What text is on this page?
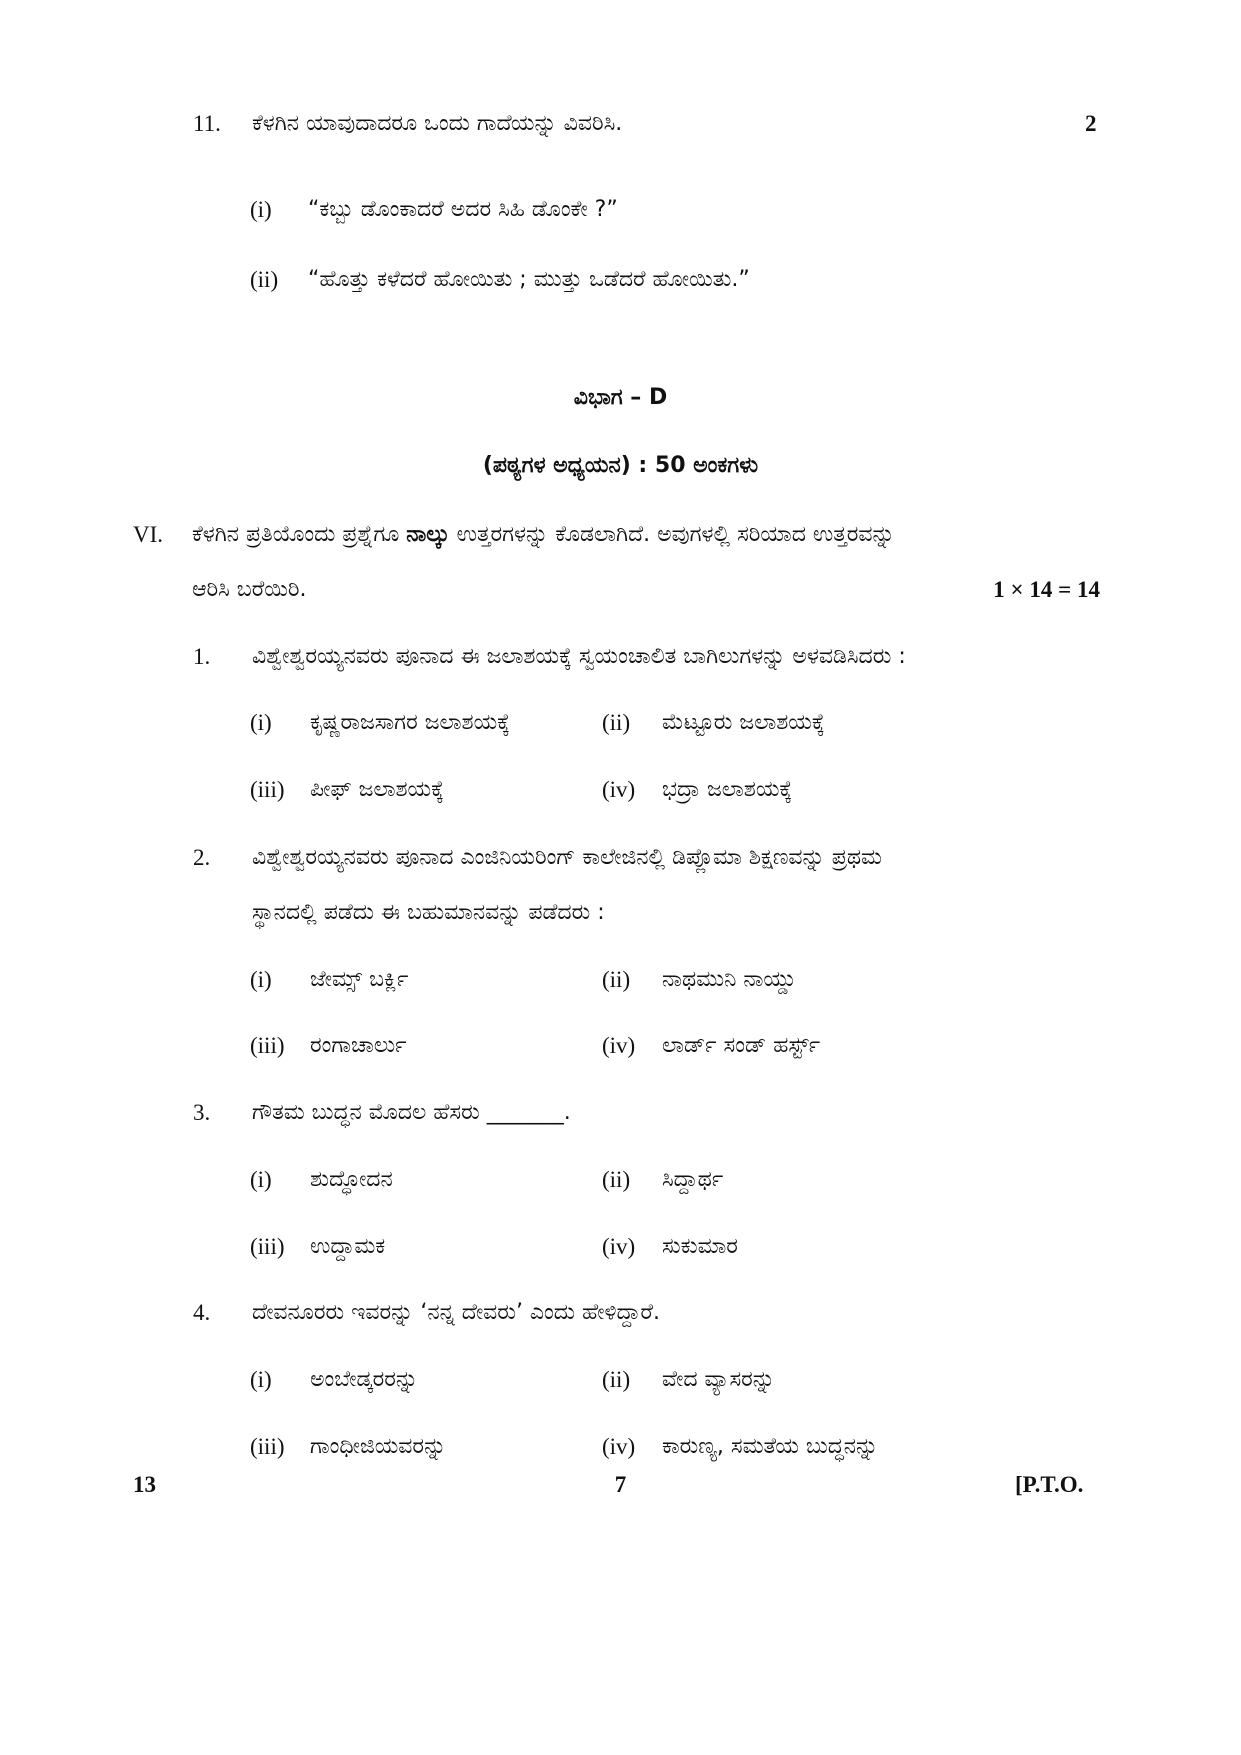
11. ಕೆಳಗಿನ ಯಾವುದಾದರೂ ಒಂದು ಗಾದೆಯನ್ನು ವಿವರಿಸಿ.	2
(i) “ಕಬ್ಬು ಡೊಂಕಾದರೆ ಅದರ ಸಿಹಿ ಡೊಂಕೇ ?”
(ii) “ಹೊತ್ತು ಕಳೆದರೆ ಹೋಯಿತು ; ಮುತ್ತು ಒಡೆದರೆ ಹೋಯಿತು.”
ವಿಭಾಗ – D
(ಪಠ್ಯಗಳ ಅಧ್ಯಯನ) : 50 ಅಂಕಗಳು
VI. ಕೆಳಗಿನ ಪ್ರತಿಯೊಂದು ಪ್ರಶ್ನೆಗೂ ನಾಲ್ಕು ಉತ್ತರಗಳನ್ನು ಕೊಡಲಾಗಿದೆ. ಅವುಗಳಲ್ಲಿ ಸರಿಯಾದ ಉತ್ತರವನ್ನು
ಆರಿಸಿ ಬರೆಯಿರಿ.	1 × 14 = 14
1. ವಿಶ್ವೇಶ್ವರಯ್ಯನವರು ಪೂನಾದ ಈ ಜಲಾಶಯಕ್ಕೆ ಸ್ವಯಂಚಾಲಿತ ಬಾಗಿಲುಗಳನ್ನು ಅಳವಡಿಸಿದರು :
(i) ಕೃಷ್ಣರಾಜಸಾಗರ ಜಲಾಶಯಕ್ಕೆ	(ii) ಮೆಟ್ಟೂರು ಜಲಾಶಯಕ್ಕೆ
(iii) ಪೀಫ್ ಜಲಾಶಯಕ್ಕೆ	(iv) ಭದ್ರಾ ಜಲಾಶಯಕ್ಕೆ
2. ವಿಶ್ವೇಶ್ವರಯ್ಯನವರು ಪೂನಾದ ಎಂಜಿನಿಯರಿಂಗ್ ಕಾಲೇಜಿನಲ್ಲಿ ಡಿಪ್ಲೊಮಾ ಶಿಕ್ಷಣವನ್ನು ಪ್ರಥಮ
ಸ್ಥಾನದಲ್ಲಿ ಪಡೆದು ಈ ಬಹುಮಾನವನ್ನು ಪಡೆದರು :
(i) ಜೇಮ್ಸ್ ಬರ್ಕ್ಲಿ	(ii) ನಾಥಮುನಿ ನಾಯ್ಡು
(iii) ರಂಗಾಚಾರ್ಲು	(iv) ಲಾರ್ಡ್ ಸಂಡ್ ಹರ್ಸ್ಟ್
3. ಗೌತಮ ಬುದ್ಧನ ಮೊದಲ ಹೆಸರು _______.
(i) ಶುದ್ಧೋದನ	(ii) ಸಿದ್ದಾರ್ಥ
(iii) ಉದ್ದಾಮಕ	(iv) ಸುಕುಮಾರ
4. ದೇವನೂರರು ಇವರನ್ನು ‘ನನ್ನ ದೇವರು’ ಎಂದು ಹೇಳಿದ್ದಾರೆ.
(i) ಅಂಬೇಡ್ಕರರನ್ನು	(ii) ವೇದ ವ್ಯಾಸರನ್ನು
(iii) ಗಾಂಧೀಜಿಯವರನ್ನು	(iv) ಕಾರುಣ್ಯ, ಸಮತೆಯ ಬುದ್ಧನನ್ನು
13	7	[P.T.O.
